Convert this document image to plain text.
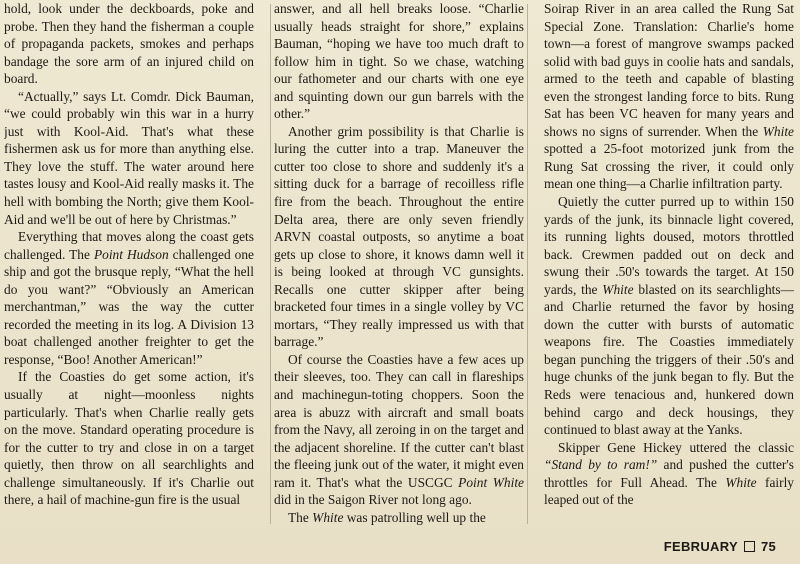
hold, look under the deckboards, poke and probe. Then they hand the fisherman a couple of propaganda packets, smokes and perhaps bandage the sore arm of an injured child on board.

“Actually,” says Lt. Comdr. Dick Bauman, “we could probably win this war in a hurry just with Kool-Aid. That's what these fishermen ask us for more than anything else. They love the stuff. The water around here tastes lousy and Kool-Aid really masks it. The hell with bombing the North; give them Kool-Aid and we'll be out of here by Christmas.”

Everything that moves along the coast gets challenged. The Point Hudson challenged one ship and got the brusque reply, “What the hell do you want?” “Obviously an American merchantman,” was the way the cutter recorded the meeting in its log. A Division 13 boat challenged another freighter to get the response, “Boo! Another American!”

If the Coasties do get some action, it's usually at night—moonless nights particularly. That's when Charlie really gets on the move. Standard operating procedure is for the cutter to try and close in on a target quietly, then throw on all searchlights and challenge simultaneously. If it's Charlie out there, a hail of machine-gun fire is the usual

answer, and all hell breaks loose. “Charlie usually heads straight for shore,” explains Bauman, “hoping we have too much draft to follow him in tight. So we chase, watching our fathometer and our charts with one eye and squinting down our gun barrels with the other.”

Another grim possibility is that Charlie is luring the cutter into a trap. Maneuver the cutter too close to shore and suddenly it's a sitting duck for a barrage of recoilless rifle fire from the beach. Throughout the entire Delta area, there are only seven friendly ARVN coastal outposts, so anytime a boat gets up close to shore, it knows damn well it is being looked at through VC gunsights. Recalls one cutter skipper after being bracketed four times in a single volley by VC mortars, “They really impressed us with that barrage.”

Of course the Coasties have a few aces up their sleeves, too. They can call in flareships and machinegun-toting choppers. Soon the area is abuzz with aircraft and small boats from the Navy, all zeroing in on the target and the adjacent shoreline. If the cutter can't blast the fleeing junk out of the water, it might even ram it. That's what the USCGC Point White did in the Saigon River not long ago.

The White was patrolling well up the

Soirap River in an area called the Rung Sat Special Zone. Translation: Charlie's home town—a forest of mangrove swamps packed solid with bad guys in coolie hats and sandals, armed to the teeth and capable of blasting even the strongest landing force to bits. Rung Sat has been VC heaven for many years and shows no signs of surrender. When the White spotted a 25-foot motorized junk from the Rung Sat crossing the river, it could only mean one thing—a Charlie infiltration party.

Quietly the cutter purred up to within 150 yards of the junk, its binnacle light covered, its running lights doused, motors throttled back. Crewmen padded out on deck and swung their .50's towards the target. At 150 yards, the White blasted on its searchlights—and Charlie returned the favor by hosing down the cutter with bursts of automatic weapons fire. The Coasties immediately began punching the triggers of their .50's and huge chunks of the junk began to fly. But the Reds were tenacious and, hunkered down behind cargo and deck housings, they continued to blast away at the Yanks.

Skipper Gene Hickey uttered the classic “Stand by to ram!” and pushed the cutter's throttles for Full Ahead. The White fairly leaped out of the

FEBRUARY 75
